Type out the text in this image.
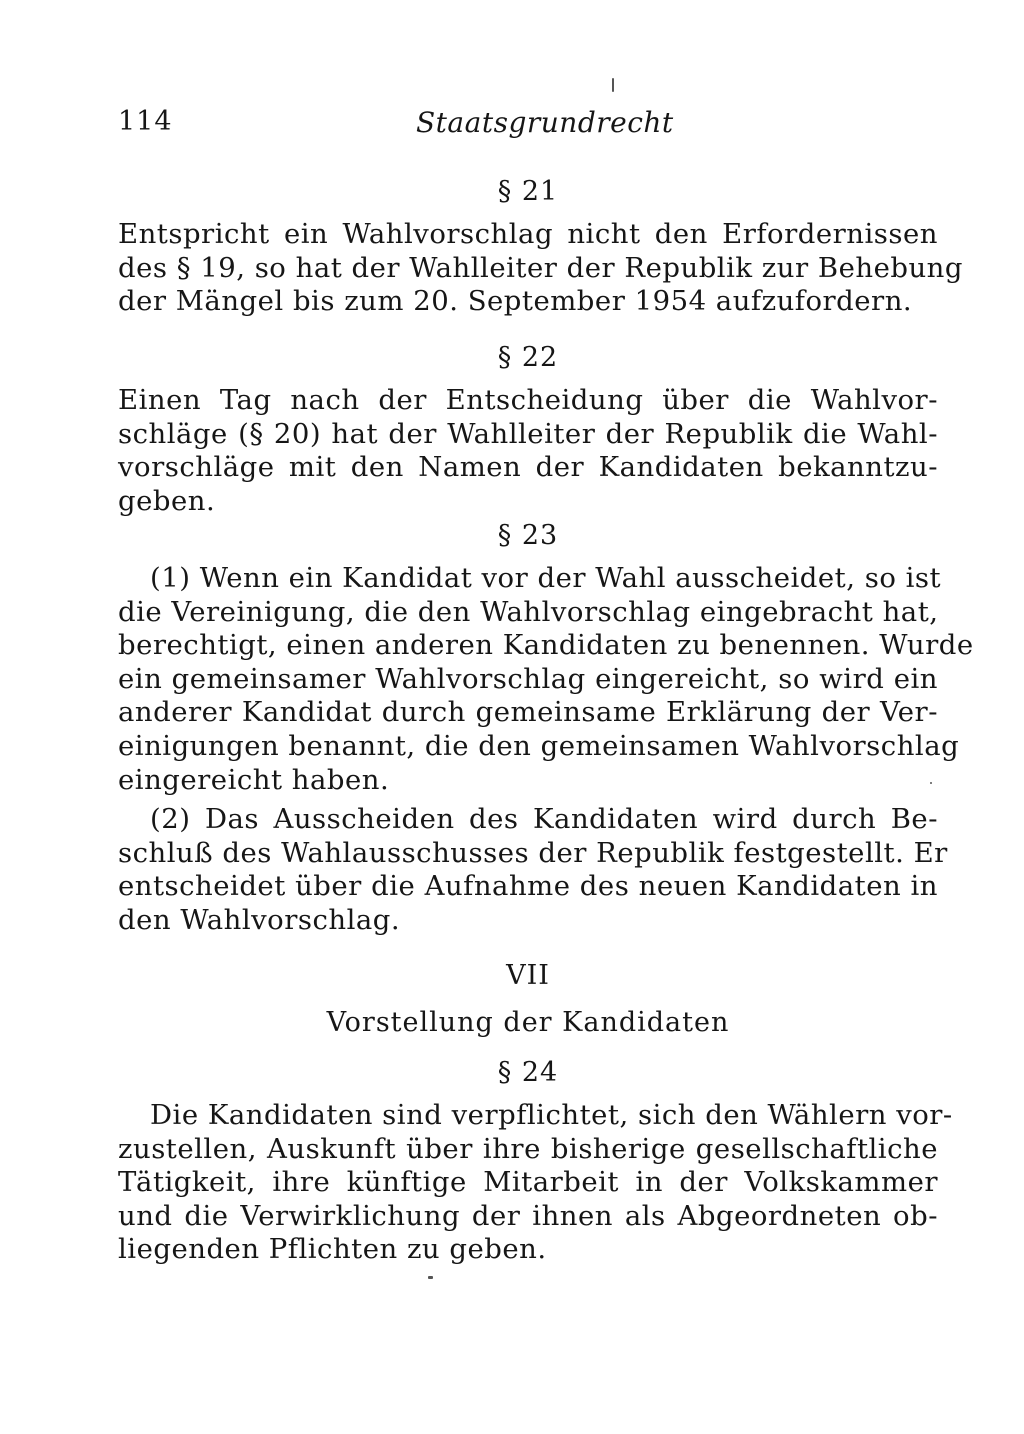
114	Staatsgrundrecht
§ 21

Entspricht ein Wahlvorschlag nicht den Erfordernissen
des § 19, so hat der Wahlleiter der Republik zur Behebung
der Mängel bis zum 20. September 1954 aufzufordern.

§ 22

Einen Tag nach der Entscheidung über die Wahlvor-
schläge (§ 20) hat der Wahlleiter der Republik die Wahl-
vorschläge mit den Namen der Kandidaten bekanntzu-
geben.

§ 23

(1) Wenn ein Kandidat vor der Wahl ausscheidet, so ist
die Vereinigung, die den Wahlvorschlag eingebracht hat,
berechtigt, einen anderen Kandidaten zu benennen. Wurde
ein gemeinsamer Wahlvorschlag eingereicht, so wird ein
anderer Kandidat durch gemeinsame Erklärung der Ver-
einigungen benannt, die den gemeinsamen Wahlvorschlag
eingereicht haben.

(2) Das Ausscheiden des Kandidaten wird durch Be-
schluß des Wahlausschusses der Republik festgestellt. Er
entscheidet über die Aufnahme des neuen Kandidaten in
den Wahlvorschlag.

VII
Vorstellung der Kandidaten
§ 24

Die Kandidaten sind verpflichtet, sich den Wählern vor-
zustellen, Auskunft über ihre bisherige gesellschaftliche
Tätigkeit, ihre künftige Mitarbeit in der Volkskammer
und die Verwirklichung der ihnen als Abgeordneten ob-
liegenden Pflichten zu geben.
